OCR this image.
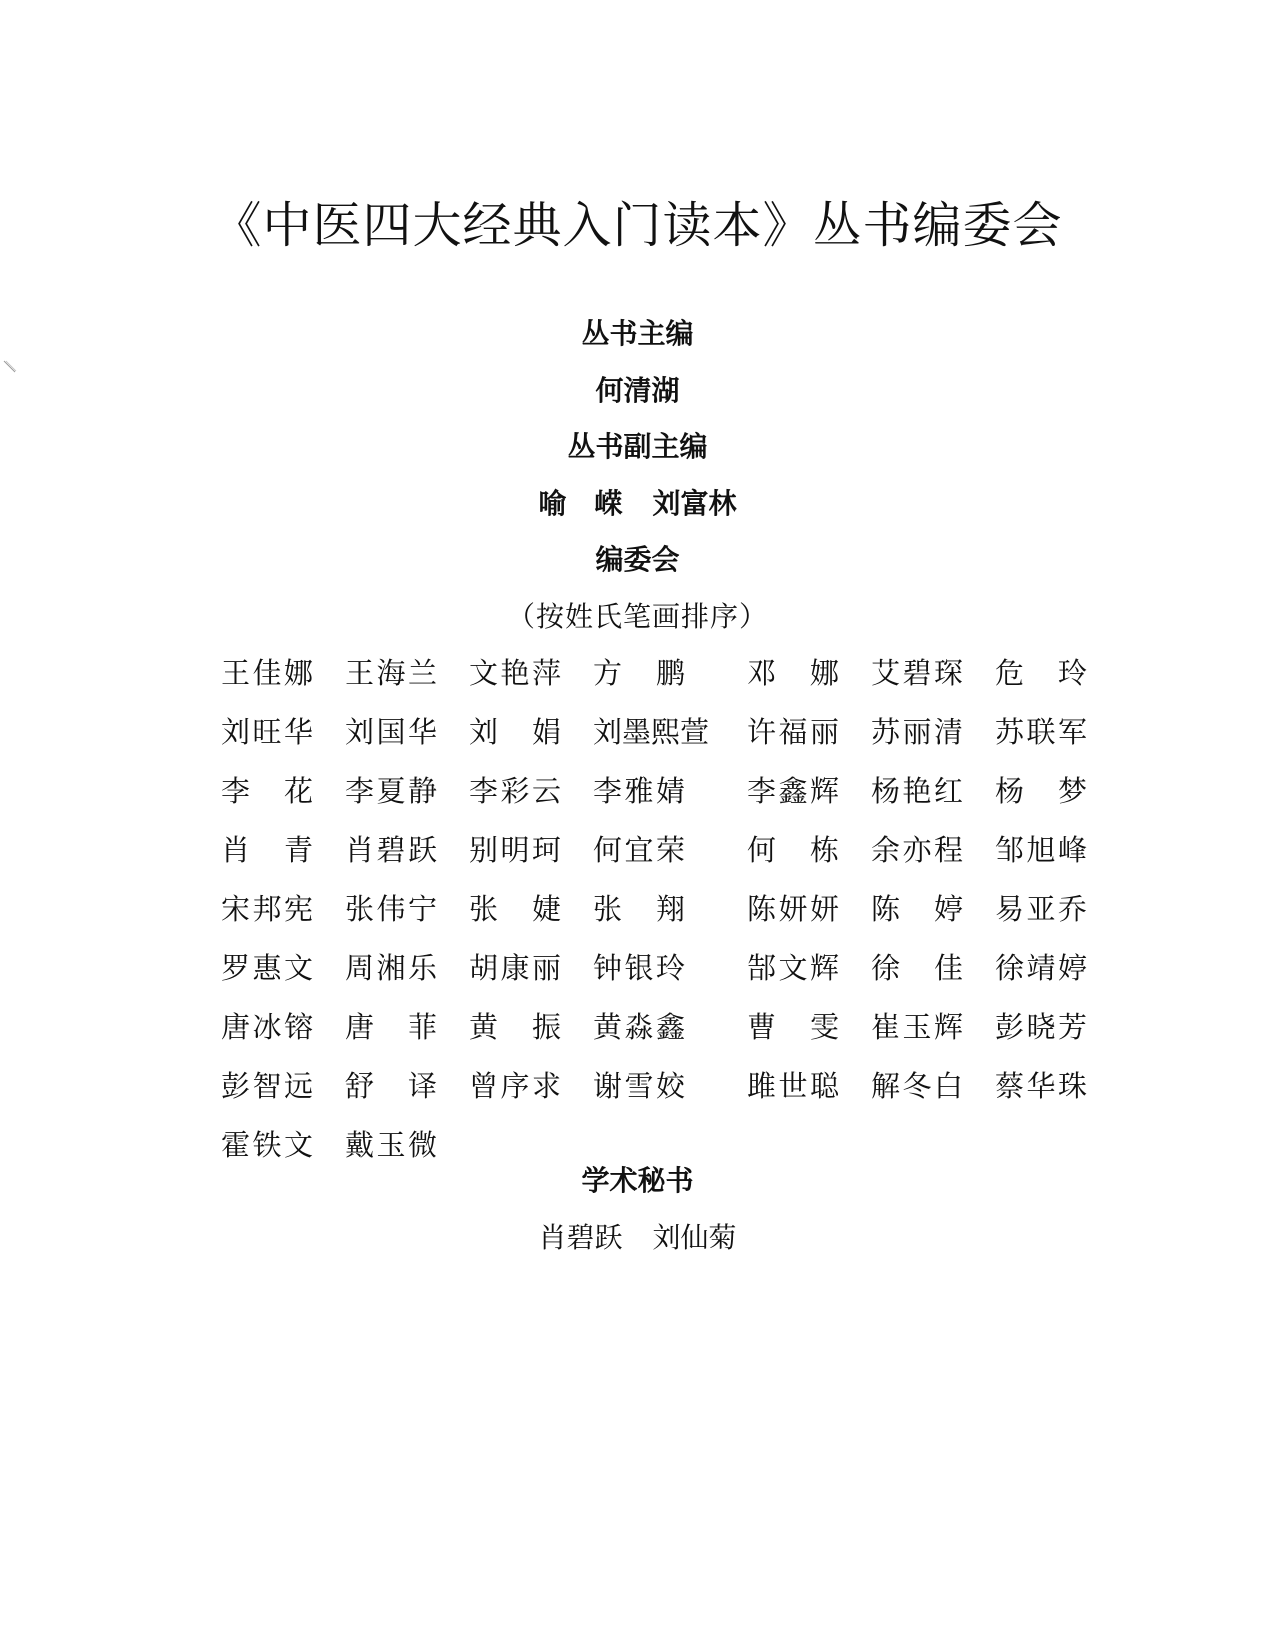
《中医四大经典入门读本》丛书编委会
丛书主编
何清湖
丛书副主编
喻　嵘 刘富林
编委会
（按姓氏笔画排序）
王佳娜 王海兰 文艳萍 方　鹏 邓　娜 艾碧琛 危　玲
刘旺华 刘国华 刘　娟 刘墨熙萱 许福丽 苏丽清 苏联军
李　花 李夏静 李彩云 李雅婧 李鑫辉 杨艳红 杨　梦
肖　青 肖碧跃 别明珂 何宜荣 何　栋 余亦程 邹旭峰
宋邦宪 张伟宁 张　婕 张　翔 陈妍妍 陈　婷 易亚乔
罗惠文 周湘乐 胡康丽 钟银玲 郜文辉 徐　佳 徐靖婷
唐冰镕 唐　菲 黄　振 黄淼鑫 曹　雯 崔玉辉 彭晓芳
彭智远 舒　译 曾序求 谢雪姣 雎世聪 解冬白 蔡华珠
霍铁文 戴玉微
学术秘书
肖碧跃 刘仙菊
